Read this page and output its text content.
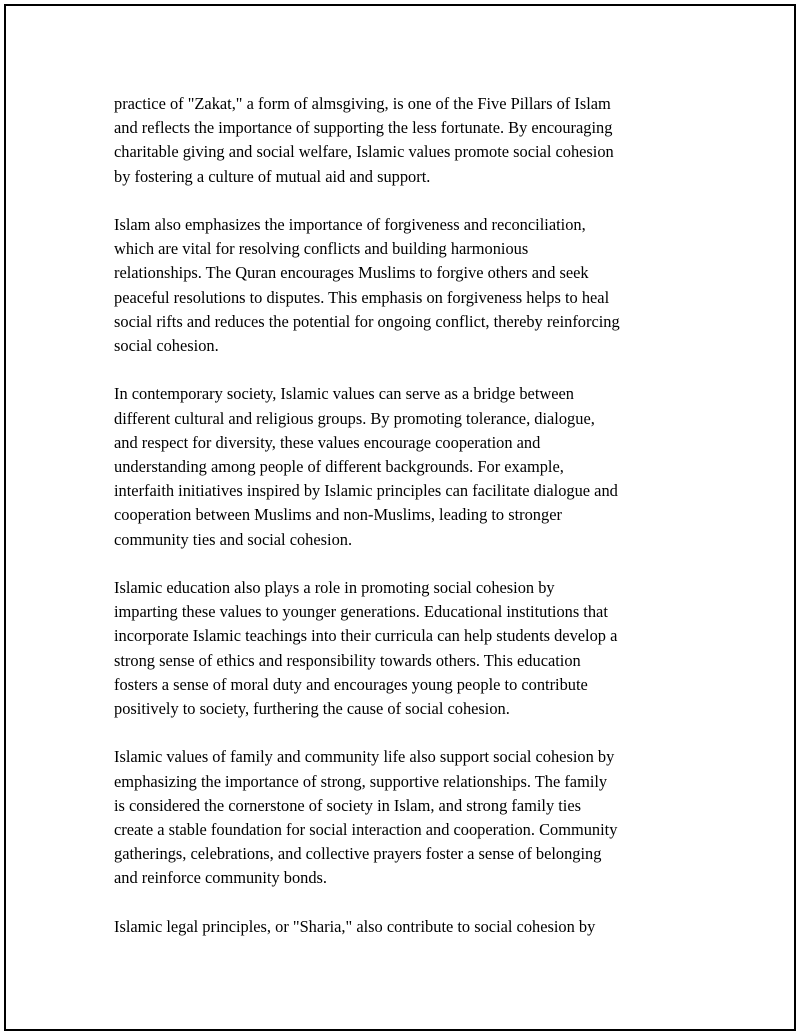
practice of "Zakat," a form of almsgiving, is one of the Five Pillars of Islam
and reflects the importance of supporting the less fortunate. By encouraging
charitable giving and social welfare, Islamic values promote social cohesion
by fostering a culture of mutual aid and support.

Islam also emphasizes the importance of forgiveness and reconciliation,
which are vital for resolving conflicts and building harmonious
relationships. The Quran encourages Muslims to forgive others and seek
peaceful resolutions to disputes. This emphasis on forgiveness helps to heal
social rifts and reduces the potential for ongoing conflict, thereby reinforcing
social cohesion.

In contemporary society, Islamic values can serve as a bridge between
different cultural and religious groups. By promoting tolerance, dialogue,
and respect for diversity, these values encourage cooperation and
understanding among people of different backgrounds. For example,
interfaith initiatives inspired by Islamic principles can facilitate dialogue and
cooperation between Muslims and non-Muslims, leading to stronger
community ties and social cohesion.

Islamic education also plays a role in promoting social cohesion by
imparting these values to younger generations. Educational institutions that
incorporate Islamic teachings into their curricula can help students develop a
strong sense of ethics and responsibility towards others. This education
fosters a sense of moral duty and encourages young people to contribute
positively to society, furthering the cause of social cohesion.

Islamic values of family and community life also support social cohesion by
emphasizing the importance of strong, supportive relationships. The family
is considered the cornerstone of society in Islam, and strong family ties
create a stable foundation for social interaction and cooperation. Community
gatherings, celebrations, and collective prayers foster a sense of belonging
and reinforce community bonds.

Islamic legal principles, or "Sharia," also contribute to social cohesion by
